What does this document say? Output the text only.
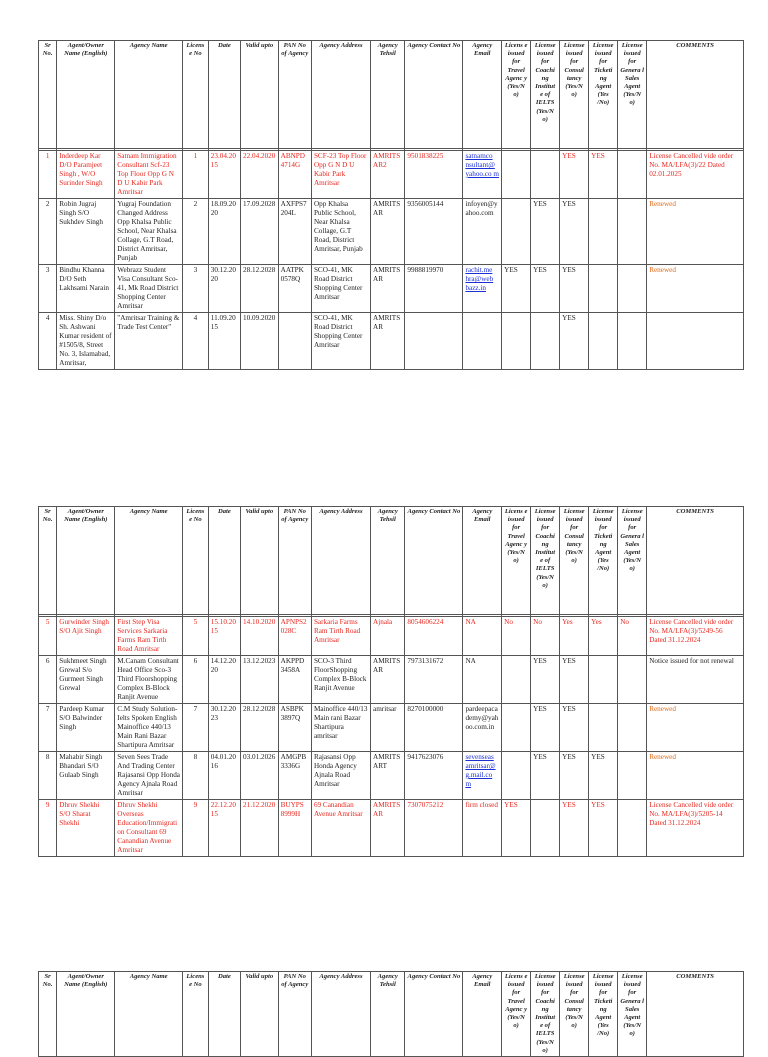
Sr No.	Agent/Owner Name (English)	Agency Name	Licens e No	Date	Valid upto	PAN No of Agency	Agency Address	Agency Tehsil	Agency Contact No	Agency Email	Licens e issued for Travel Agenc y (Yes/N o)	License issued for Coachi ng Institut e of IELTS (Yes/N o)	License issued for Consul tancy (Yes/N o)	License issued for Ticketi ng Agent (Yes /No)	License issued for Genera l Sales Agent (Yes/N o)	COMMENTS

1	Inderdeep Kar D/O Paramjeet Singh , W/O Surinder Singh	Satnam Immigration Consultant Scf-23 Top Floor Opp G N D U Kabir Park Amritsar	1	23.04.2015	22.04.2020	ABNPD 4714G	SCF-23 Top Floor Opp G N D U Kabir Park Amritsar	AMRITS AR2	9501838225	satnamco nsultant@ yahoo.co m			YES	YES		License Cancelled vide order No. MA/LFA(3)/22 Dated 02.01.2025
2	Robin Jugraj Singh S/O Sukhdev Singh	Yugraj Foundation Changed Address Opp Khalsa Public School, Near Khalsa Collage, G.T Road, District Amritsar, Punjab	2	18.09.2020	17.09.2028	AXFPS7 204L	Opp Khalsa Public School, Near Khalsa Collage, G.T Road, District Amritsar, Punjab	AMRITS AR	9356005144	infoyen@y ahoo.com		YES	YES			Renewed
3	Bindhu Khanna D/O Seth Lakhsami Narain	Webrazz Student Visa Consultant Sco-41, Mk Road District Shopping Center Amritsar	3	30.12.2020	28.12.2028	AATPK 0578Q	SCO-41, MK Road District Shopping Center Amritsar	AMRITS AR	9988819970	rachit.me hra@web bazz.in	YES	YES	YES			Renewed
4	Miss. Shiny D/o Sh. Ashwani Kumar resident of #1505/8, Street No. 3, Islamabad, Amritsar,	"Amritsar Training & Trade Test Center"	4	11.09.2015	10.09.2020		SCO-41, MK Road District Shopping Center Amritsar	AMRITS AR					YES			
Sr No.	Agent/Owner Name (English)	Agency Name	Licens e No	Date	Valid upto	PAN No of Agency	Agency Address	Agency Tehsil	Agency Contact No	Agency Email	Licens e issued for Travel Agenc y (Yes/N o)	License issued for Coachi ng Institut e of IELTS (Yes/N o)	License issued for Consul tancy (Yes/N o)	License issued for Ticketi ng Agent (Yes /No)	License issued for Genera l Sales Agent (Yes/N o)	COMMENTS

5	Gurwinder Singh S/O Ajit Singh	First Step Visa Services Sarkaria Farms Ram Tirth Road Amritsar	5	15.10.2015	14.10.2020	APNPS2 028C	Sarkaria Farms Ram Tirth Road Amritsar	Ajnala	8054606224	NA	No	No	Yes	Yes	No	License Cancelled vide order No. MA/LFA(3)/5249-56 Dated 31.12.2024
6	Sukhmeet Singh Grewal S/o Gurmeet Singh Grewal	M.Canam Consultant Head Office Sco-3 Third Floorshopping Complex B-Block Ranjit Avenue	6	14.12.2020	13.12.2023	AKPPD 3458A	SCO-3 Third FloorShopping Complex B-Block Ranjit Avenue	AMRITS AR	7973131672	NA		YES	YES			Notice issued for not renewal
7	Pardeep Kumar S/O Balwinder Singh	C.M Study Solution-Ielts Spoken English Mainoffice 440/13 Main Rani Bazar Shartipura Amritsar	7	30.12.2023	28.12.2028	ASBPK 3897Q	Mainoffice 440/13 Main rani Bazar Shartipura amritsar	amritsar	8270100000	pardeepaca demy@yah oo.com.in		YES	YES			Renewed
8	Mahabir Singh Bhandari S/O Gulaab Singh	Seven Sees Trade And Trading Center Rajasansi Opp Honda Agency Ajnala Road Amritsar	8	04.01.2016	03.01.2026	AMGPB 3336G	Rajasansi Opp Honda Agency Ajnala Road Amritsar	AMRITS ART	9417623076	sevenseas amritsar@ g.mail.co m		YES	YES	YES		Renewed
9	Dhruv Shekhi S/O Sharat Shekhi	Dhruv Shekhi Overseas Education/Immigration Consultant 69 Canandian Avenue Amritsar	9	22.12.2015	21.12.2020	BUYPS 8999H	69 Canandian Avenue Amritsar	AMRITS AR	7307075212	firm closed	YES		YES	YES		License Cancelled vide order No. MA/LFA(3)/5205-14 Dated 31.12.2024
Sr No.	Agent/Owner Name (English)	Agency Name	Licens e No	Date	Valid upto	PAN No of Agency	Agency Address	Agency Tehsil	Agency Contact No	Agency Email	Licens e issued for Travel Agenc y (Yes/N o)	License issued for Coachi ng Institut e of IELTS (Yes/N o)	License issued for Consul tancy (Yes/N o)	License issued for Ticketi ng Agent (Yes /No)	License issued for Genera l Sales Agent (Yes/N o)	COMMENTS
